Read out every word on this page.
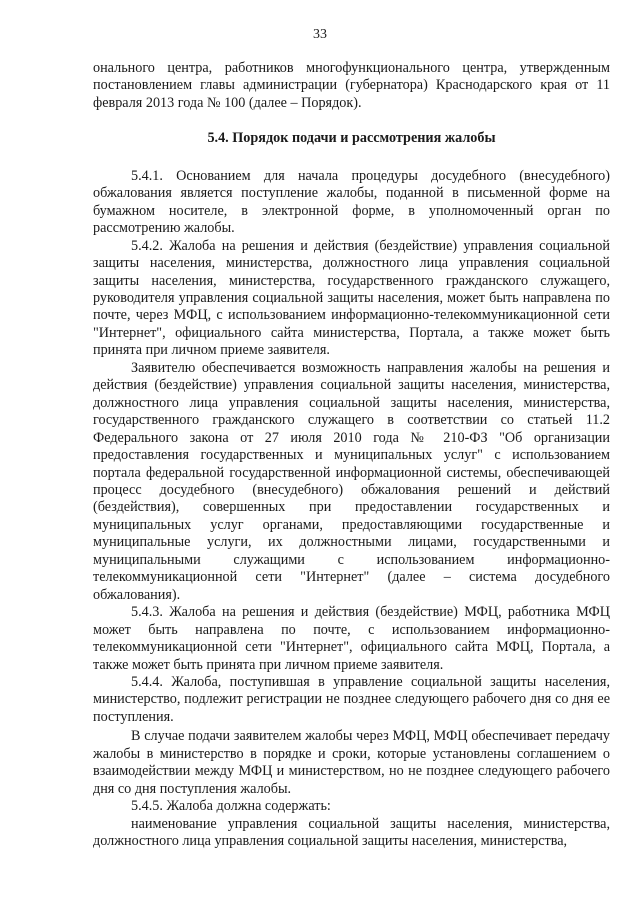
33

онального центра, работников многофункционального центра, утвержденным постановлением главы администрации (губернатора) Краснодарского края от 11 февраля 2013 года № 100 (далее – Порядок).

5.4. Порядок подачи и рассмотрения жалобы

5.4.1. Основанием для начала процедуры досудебного (внесудебного) обжалования является поступление жалобы, поданной в письменной форме на бумажном носителе, в электронной форме, в уполномоченный орган по рассмотрению жалобы.

5.4.2. Жалоба на решения и действия (бездействие) управления социальной защиты населения, министерства, должностного лица управления социальной защиты населения, министерства, государственного гражданского служащего, руководителя управления социальной защиты населения, может быть направлена по почте, через МФЦ, с использованием информационно-телекоммуникационной сети "Интернет", официального сайта министерства, Портала, а также может быть принята при личном приеме заявителя.

Заявителю обеспечивается возможность направления жалобы на решения и действия (бездействие) управления социальной защиты населения, министерства, должностного лица управления социальной защиты населения, министерства, государственного гражданского служащего в соответствии со статьей 11.2 Федерального закона от 27 июля 2010 года № 210-ФЗ "Об организации предоставления государственных и муниципальных услуг" с использованием портала федеральной государственной информационной системы, обеспечивающей процесс досудебного (внесудебного) обжалования решений и действий (бездействия), совершенных при предоставлении государственных и муниципальных услуг органами, предоставляющими государственные и муниципальные услуги, их должностными лицами, государственными и муниципальными служащими с использованием информационно-телекоммуникационной сети "Интернет" (далее – система досудебного обжалования).

5.4.3. Жалоба на решения и действия (бездействие) МФЦ, работника МФЦ может быть направлена по почте, с использованием информационно-телекоммуникационной сети "Интернет", официального сайта МФЦ, Портала, а также может быть принята при личном приеме заявителя.

5.4.4. Жалоба, поступившая в управление социальной защиты населения, министерство, подлежит регистрации не позднее следующего рабочего дня со дня ее поступления.

В случае подачи заявителем жалобы через МФЦ, МФЦ обеспечивает передачу жалобы в министерство в порядке и сроки, которые установлены соглашением о взаимодействии между МФЦ и министерством, но не позднее следующего рабочего дня со дня поступления жалобы.

5.4.5. Жалоба должна содержать:

наименование управления социальной защиты населения, министерства, должностного лица управления социальной защиты населения, министерства,
